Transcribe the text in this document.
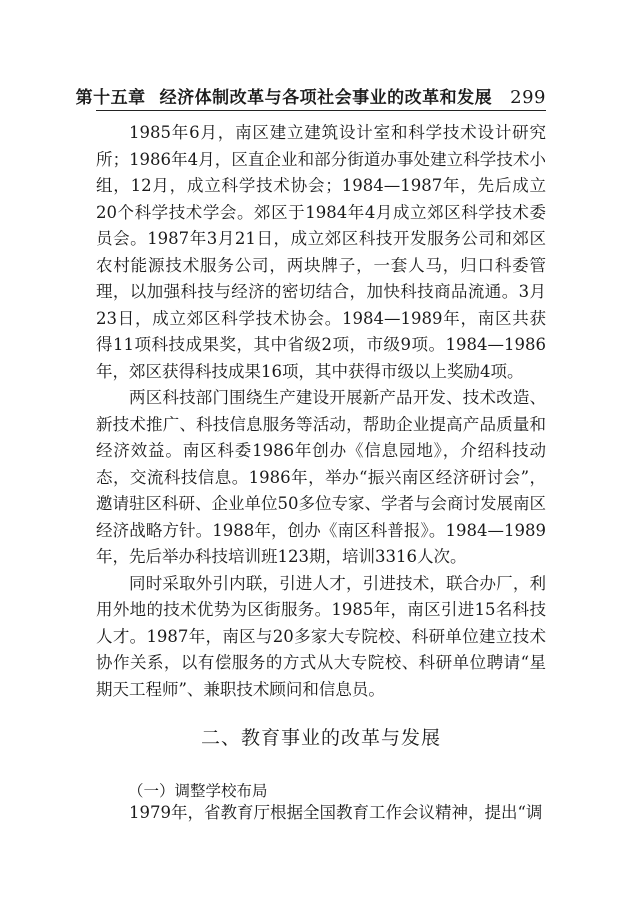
第十五章 经济体制改革与各项社会事业的改革和发展 299

1985年6月，南区建立建筑设计室和科学技术设计研究所；1986年4月，区直企业和部分街道办事处建立科学技术小组，12月，成立科学技术协会；1984—1987年，先后成立20个科学技术学会。郊区于1984年4月成立郊区科学技术委员会。1987年3月21日，成立郊区科技开发服务公司和郊区农村能源技术服务公司，两块牌子，一套人马，归口科委管理，以加强科技与经济的密切结合，加快科技商品流通。3月23日，成立郊区科学技术协会。1984—1989年，南区共获得11项科技成果奖，其中省级2项，市级9项。1984—1986年，郊区获得科技成果16项，其中获得市级以上奖励4项。

两区科技部门围绕生产建设开展新产品开发、技术改造、新技术推广、科技信息服务等活动，帮助企业提高产品质量和经济效益。南区科委1986年创办《信息园地》，介绍科技动态，交流科技信息。1986年，举办“振兴南区经济研讨会”，邀请驻区科研、企业单位50多位专家、学者与会商讨发展南区经济战略方针。1988年，创办《南区科普报》。1984—1989年，先后举办科技培训班123期，培训3316人次。

同时采取外引内联，引进人才，引进技术，联合办厂，利用外地的技术优势为区街服务。1985年，南区引进15名科技人才。1987年，南区与20多家大专院校、科研单位建立技术协作关系，以有偿服务的方式从大专院校、科研单位聘请“星期天工程师”、兼职技术顾问和信息员。

二、教育事业的改革与发展
（一）调整学校布局
1979年，省教育厅根据全国教育工作会议精神，提出“调
